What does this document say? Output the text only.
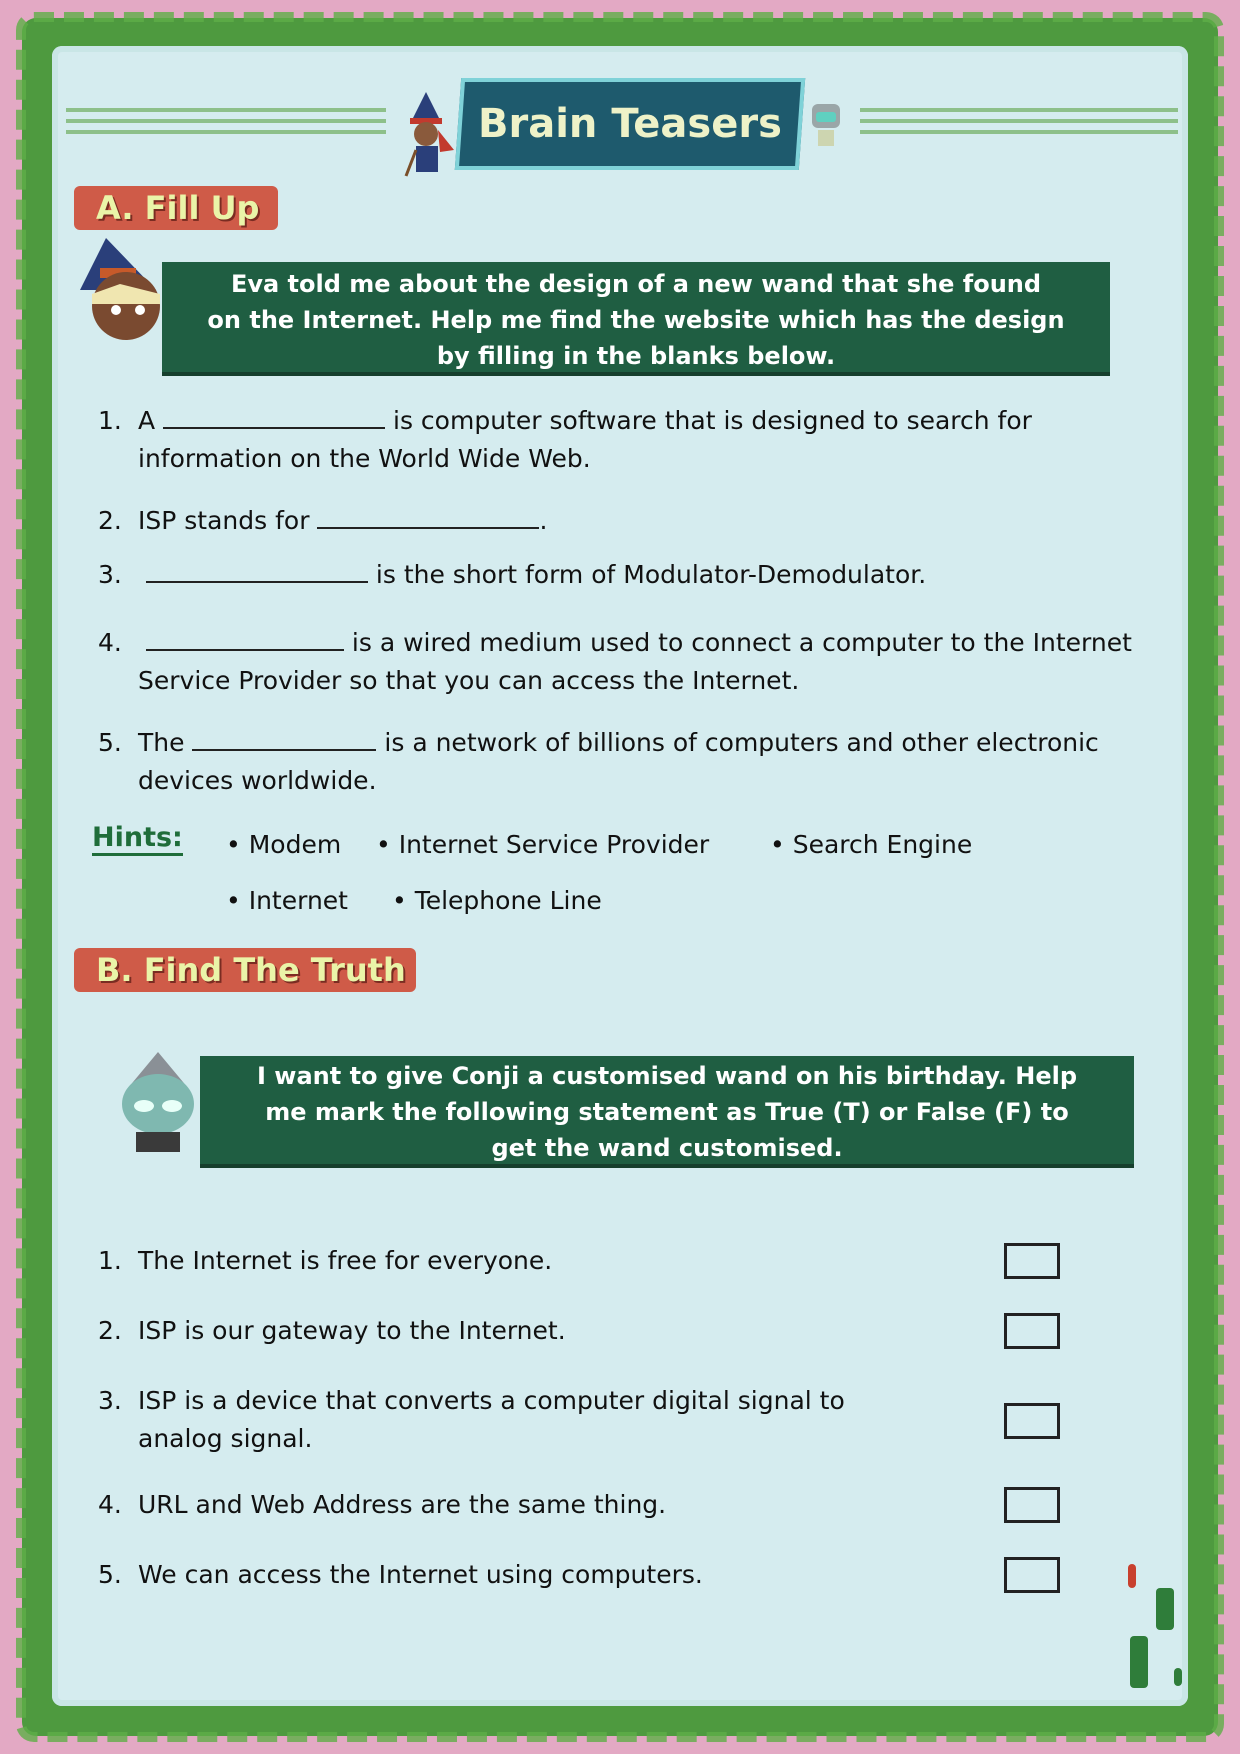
Brain Teasers
A. Fill Up
Eva told me about the design of a new wand that she found
on the Internet. Help me find the website which has the design
by filling in the blanks below.
1. A	is computer software that is designed to search for
information on the World Wide Web.
2. ISP stands for	.
3.	is the short form of Modulator-Demodulator.
4.	is a wired medium used to connect a computer to the Internet
Service Provider so that you can access the Internet.
5. The	is a network of billions of computers and other electronic
devices worldwide.
Hints: • Modem • Internet Service Provider • Search Engine
• Internet • Telephone Line
B. Find The Truth
I want to give Conji a customised wand on his birthday. Help
me mark the following statement as True (T) or False (F) to
get the wand customised.
1. The Internet is free for everyone.
2. ISP is our gateway to the Internet.
3. ISP is a device that converts a computer digital signal to
analog signal.
4. URL and Web Address are the same thing.
5. We can access the Internet using computers.
